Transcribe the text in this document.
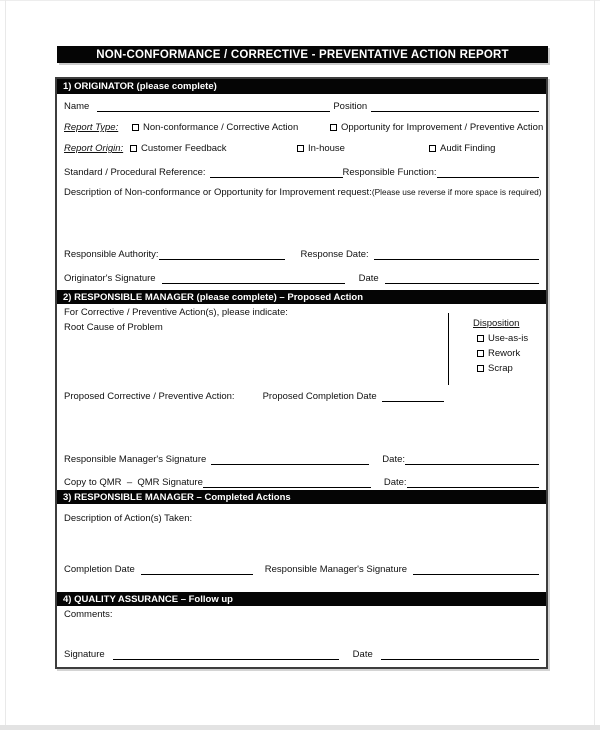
NON-CONFORMANCE / CORRECTIVE - PREVENTATIVE ACTION REPORT
1) ORIGINATOR (please complete)
Name	Position
Report Type:	Non-conformance / Corrective Action	Opportunity for Improvement / Preventive Action
Report Origin: Customer Feedback	In-house	Audit Finding
Standard / Procedural Reference:	Responsible Function:
Description of Non-conformance or Opportunity for Improvement request: (Please use reverse if more space is required)
Responsible Authority:	Response Date:
Originator's Signature	Date
2) RESPONSIBLE MANAGER (please complete) – Proposed Action
For Corrective / Preventive Action(s), please indicate:
Root Cause of Problem	Disposition
Use-as-is
Rework
Scrap
Proposed Corrective / Preventive Action:	Proposed Completion Date
Responsible Manager's Signature	Date:
Copy to QMR  –  QMR Signature	Date:
3) RESPONSIBLE MANAGER – Completed Actions
Description of Action(s) Taken:
Completion Date	Responsible Manager's Signature
4) QUALITY ASSURANCE – Follow up
Comments:
Signature	Date
